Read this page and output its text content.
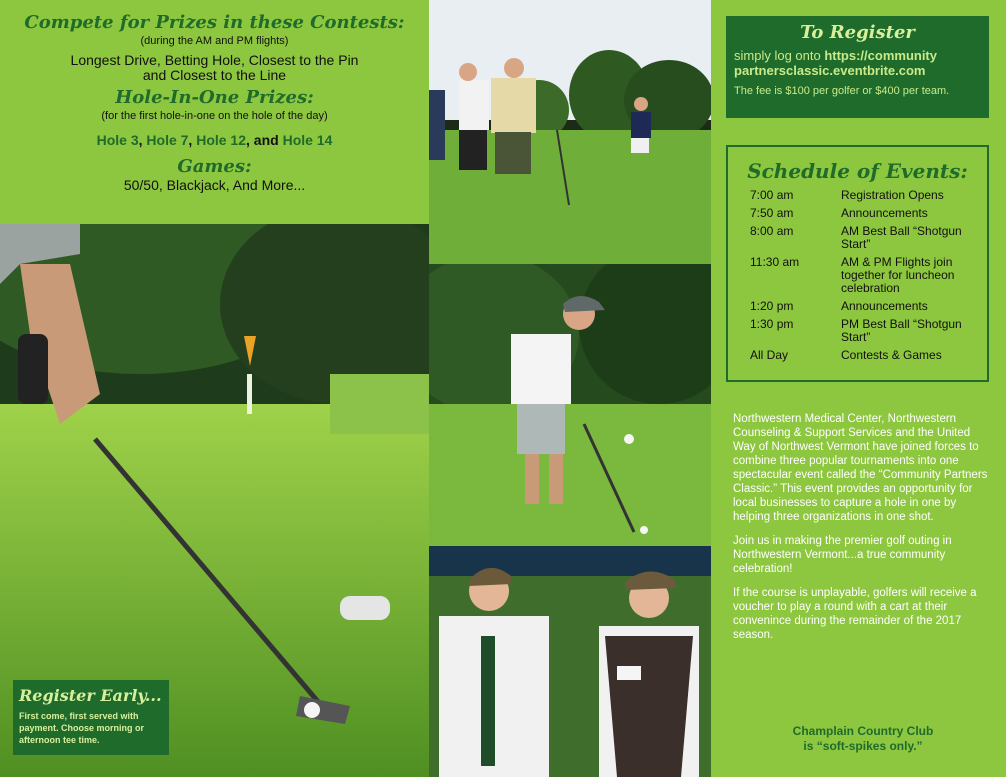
Compete for Prizes in these Contests:
(during the AM and PM flights)
Longest Drive, Betting Hole, Closest to the Pin
and Closest to the Line
Hole-In-One Prizes:
(for the first hole-in-one on the hole of the day)
Hole 3, Hole 7, Hole 12, and Hole 14
Games:
50/50, Blackjack, And More...
Register Early...
First come, first served with payment. Choose morning or afternoon tee time.
To Register
simply log onto https://community
partnersclassic.eventbrite.com
The fee is $100 per golfer or $400 per team.
Schedule of Events:
7:00 am	Registration Opens
7:50 am	Announcements
8:00 am	AM Best Ball “Shotgun Start”
11:30 am	AM & PM Flights join together for luncheon celebration
1:20 pm	Announcements
1:30 pm	PM Best Ball “Shotgun Start”
All Day	Contests & Games

Northwestern Medical Center, Northwestern Counseling & Support Services and the United Way of Northwest Vermont have joined forces to combine three popular tournaments into one spectacular event called the “Community Partners Classic.” This event provides an opportunity for local businesses to capture a hole in one by helping three organizations in one shot.

Join us in making the premier golf outing in Northwestern Vermont...a true community celebration!

If the course is unplayable, golfers will receive a voucher to play a round with a cart at their convenince during the remainder of the 2017 season.

Champlain Country Club
is “soft-spikes only.”
